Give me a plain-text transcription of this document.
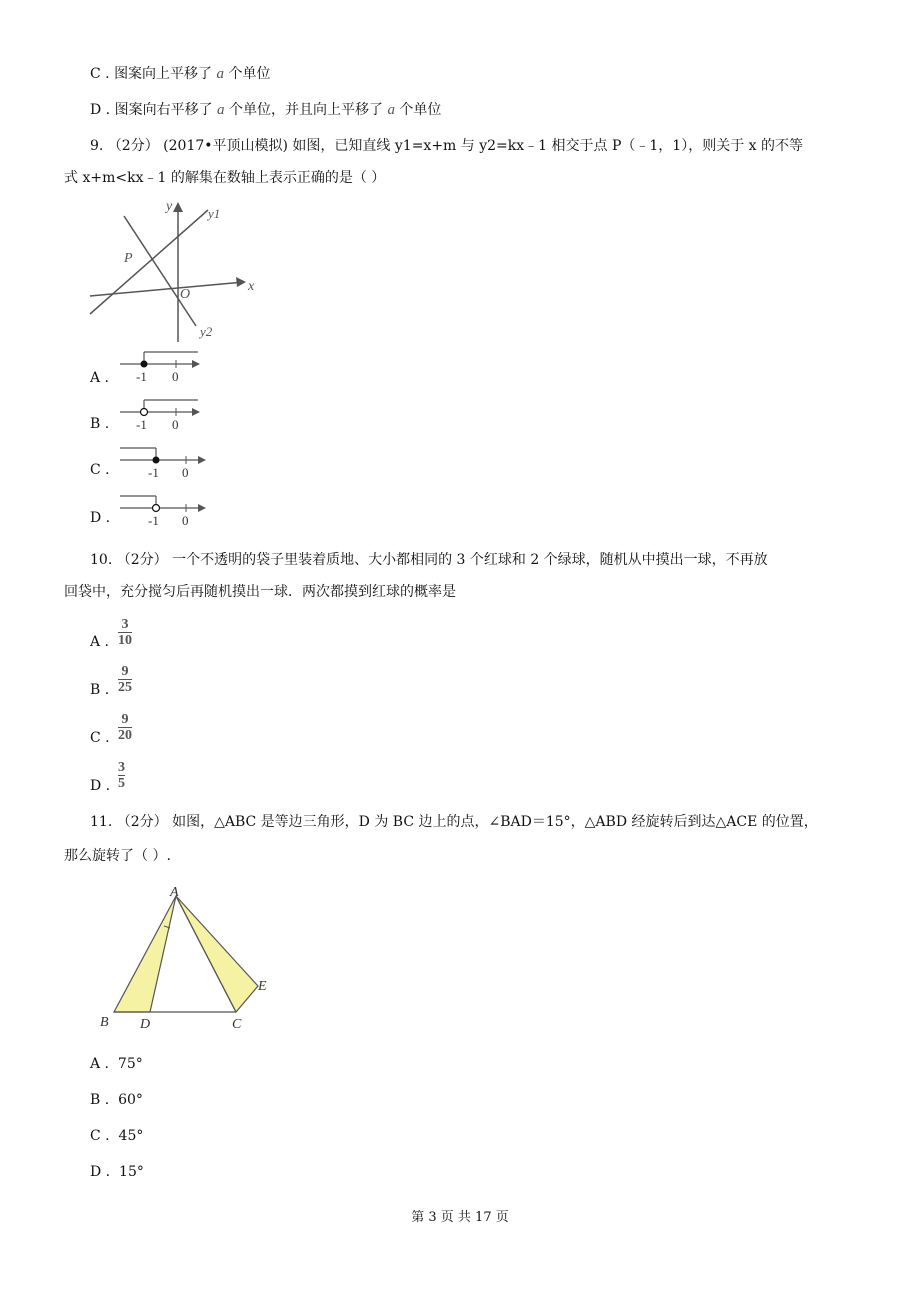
C . 图案向上平移了 a 个单位
D . 图案向右平移了 a 个单位，并且向上平移了 a 个单位
9. （2分） (2017•平顶山模拟) 如图，已知直线 y1=x+m 与 y2=kx﹣1 相交于点 P（﹣1，1），则关于 x 的不等
式 x+m<kx﹣1 的解集在数轴上表示正确的是（ ）
y
x
O
P
y1
y2
A . -1 0
B . -1 0
C .	-1 0
D .	-1 0
10. （2分） 一个不透明的袋子里装着质地、大小都相同的 3 个红球和 2 个绿球，随机从中摸出一球，不再放
回袋中，充分搅匀后再随机摸出一球．两次都摸到红球的概率是
A .
3
10
B .
9
25
C .
9
20
D .
3
5
11. （2分） 如图，△ABC 是等边三角形，D 为 BC 边上的点，∠BAD＝15°，△ABD 经旋转后到达△ACE 的位置，
那么旋转了（ ）.
A
B D	C
E
A . 75°
B . 60°
C . 45°
D . 15°
第 3 页 共 17 页
